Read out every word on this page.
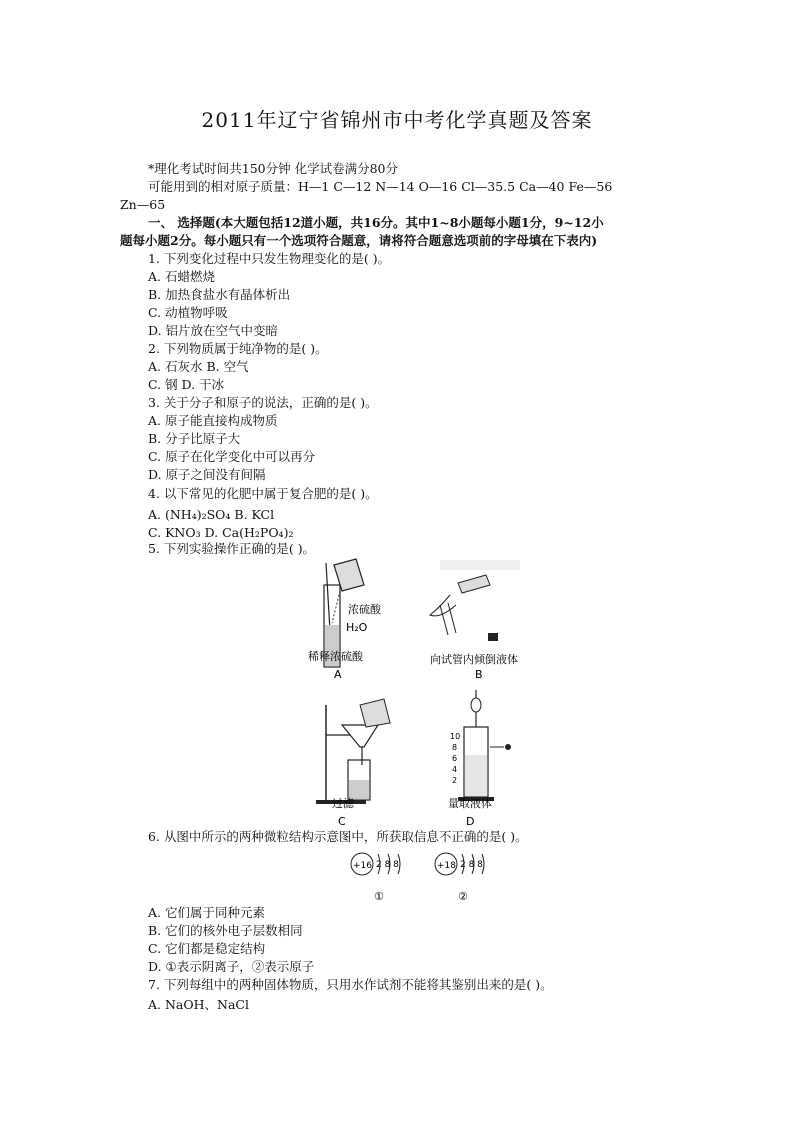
2011年辽宁省锦州市中考化学真题及答案
*理化考试时间共150分钟 化学试卷满分80分
可能用到的相对原子质量：H—1 C—12 N—14 O—16 Cl—35.5 Ca—40 Fe—56
Zn—65
一、 选择题(本大题包括12道小题，共16分。其中1~8小题每小题1分，9~12小
题每小题2分。每小题只有一个选项符合题意，请将符合题意选项前的字母填在下表内)
1. 下列变化过程中只发生物理变化的是( )。
A. 石蜡燃烧
B. 加热食盐水有晶体析出
C. 动植物呼吸
D. 铝片放在空气中变暗
2. 下列物质属于纯净物的是( )。
A. 石灰水 B. 空气
C. 钢 D. 干冰
3. 关于分子和原子的说法，正确的是( )。
A. 原子能直接构成物质
B. 分子比原子大
C. 原子在化学变化中可以再分
D. 原子之间没有间隔
4. 以下常见的化肥中属于复合肥的是( )。
A. (NH₄)₂SO₄ B. KCl
C. KNO₃ D. Ca(H₂PO₄)₂
5. 下列实验操作正确的是( )。
浓硫酸
H₂O
稀释浓硫酸
A
向试管内倾倒液体
B
过滤
C
10
8
6
4
2
量取液体
D
6. 从图中所示的两种微粒结构示意图中，所获取信息不正确的是( )。
+16 2 8 8
①
+18 2 8 8
②
A. 它们属于同种元素
B. 它们的核外电子层数相同
C. 它们都是稳定结构
D. ①表示阴离子，②表示原子
7. 下列每组中的两种固体物质，只用水作试剂不能将其鉴别出来的是( )。
A. NaOH、NaCl
